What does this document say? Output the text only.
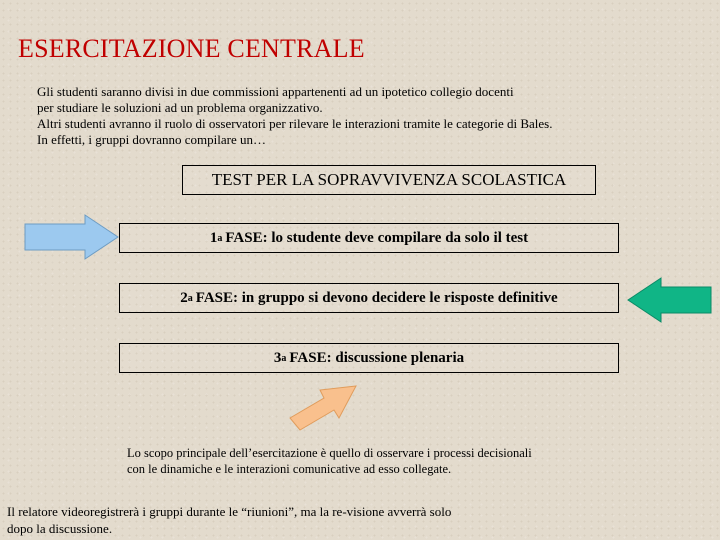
ESERCITAZIONE CENTRALE
Gli studenti saranno divisi in due commissioni appartenenti ad un ipotetico collegio docenti
per studiare le soluzioni ad un problema organizzativo.
Altri studenti avranno il ruolo di osservatori per rilevare le interazioni tramite le categorie di Bales.
In effetti, i gruppi dovranno compilare un…
TEST PER LA SOPRAVVIVENZA SCOLASTICA
1 a FASE: lo studente deve compilare da solo il test
2 a FASE: in gruppo si devono decidere le risposte definitive
3 a FASE: discussione plenaria
Lo scopo principale dell’esercitazione è quello di osservare i processi decisionali
con le dinamiche e le interazioni comunicative ad esso collegate.
Il relatore videoregistrerà i gruppi durante le “riunioni”, ma la re-visione avverrà solo
dopo la discussione.
